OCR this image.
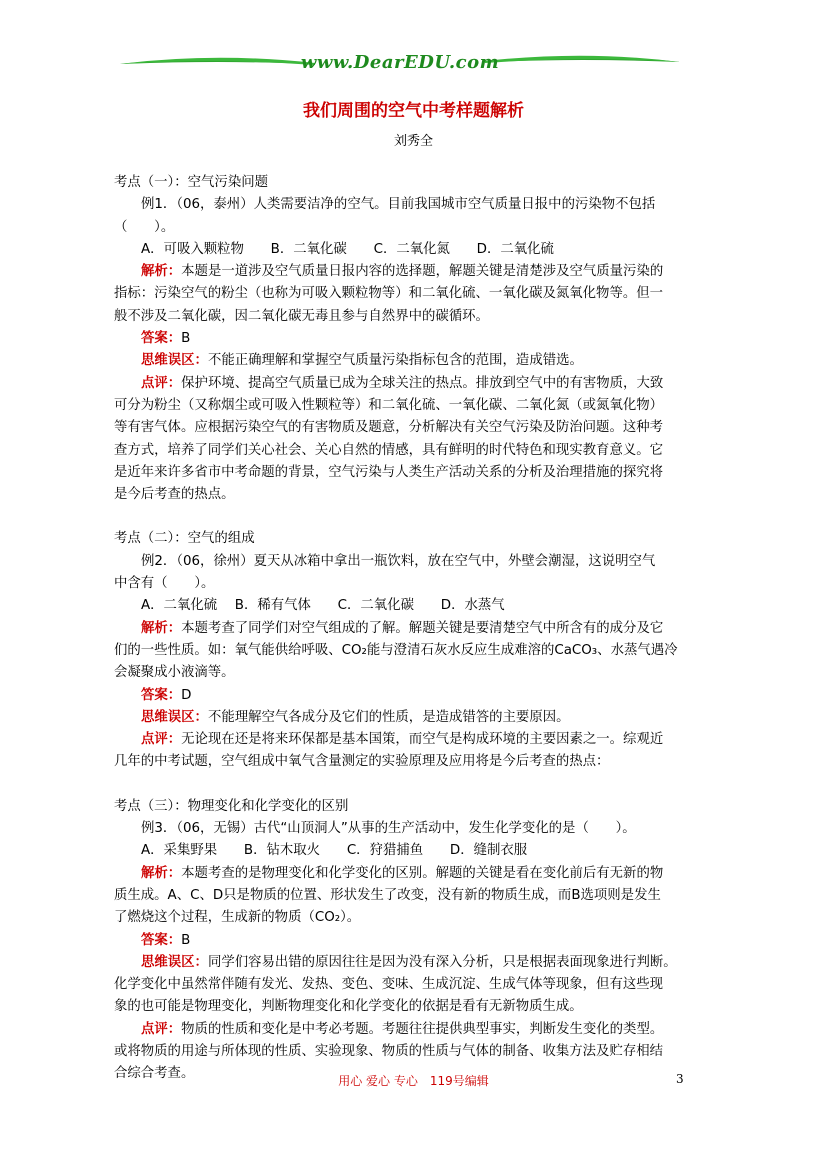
www.DearEDU.com
我们周围的空气中考样题解析
刘秀全

考点（一）：空气污染问题

例1．（06，泰州）人类需要洁净的空气。目前我国城市空气质量日报中的污染物不包括

（　　）。

A．可吸入颗粒物　　B．二氧化碳　　C．二氧化氮　　D．二氧化硫

解析：本题是一道涉及空气质量日报内容的选择题，解题关键是清楚涉及空气质量污染的

指标：污染空气的粉尘（也称为可吸入颗粒物等）和二氧化硫、一氧化碳及氮氧化物等。但一

般不涉及二氧化碳，因二氧化碳无毒且参与自然界中的碳循环。

答案：B

思维误区：不能正确理解和掌握空气质量污染指标包含的范围，造成错选。

点评：保护环境、提高空气质量已成为全球关注的热点。排放到空气中的有害物质，大致

可分为粉尘（又称烟尘或可吸入性颗粒等）和二氧化硫、一氧化碳、二氧化氮（或氮氧化物）

等有害气体。应根据污染空气的有害物质及题意，分析解决有关空气污染及防治问题。这种考

查方式，培养了同学们关心社会、关心自然的情感，具有鲜明的时代特色和现实教育意义。它

是近年来许多省市中考命题的背景，空气污染与人类生产活动关系的分析及治理措施的探究将

是今后考查的热点。

考点（二）：空气的组成

例2．（06，徐州）夏天从冰箱中拿出一瓶饮料，放在空气中，外壁会潮湿，这说明空气

中含有（　　）。

A．二氧化硫　 B．稀有气体　　C．二氧化碳　　D．水蒸气

解析：本题考查了同学们对空气组成的了解。解题关键是要清楚空气中所含有的成分及它

们的一些性质。如：氧气能供给呼吸、CO₂能与澄清石灰水反应生成难溶的CaCO₃、水蒸气遇冷

会凝聚成小液滴等。

答案：D

思维误区：不能理解空气各成分及它们的性质，是造成错答的主要原因。

点评：无论现在还是将来环保都是基本国策，而空气是构成环境的主要因素之一。综观近

几年的中考试题，空气组成中氧气含量测定的实验原理及应用将是今后考查的热点：

考点（三）：物理变化和化学变化的区别

例3．（06，无锡）古代“山顶洞人”从事的生产活动中，发生化学变化的是（　　）。

A．采集野果　　B．钻木取火　　C．狩猎捕鱼　　D．缝制衣服

解析：本题考查的是物理变化和化学变化的区别。解题的关键是看在变化前后有无新的物

质生成。A、C、D只是物质的位置、形状发生了改变，没有新的物质生成，而B选项则是发生

了燃烧这个过程，生成新的物质（CO₂）。

答案：B

思维误区：同学们容易出错的原因往往是因为没有深入分析，只是根据表面现象进行判断。

化学变化中虽然常伴随有发光、发热、变色、变味、生成沉淀、生成气体等现象，但有这些现

象的也可能是物理变化，判断物理变化和化学变化的依据是看有无新物质生成。

点评：物质的性质和变化是中考必考题。考题往往提供典型事实，判断发生变化的类型。

或将物质的用途与所体现的性质、实验现象、物质的性质与气体的制备、收集方法及贮存相结

合综合考查。	用心 爱心 专心　119号编辑	3
